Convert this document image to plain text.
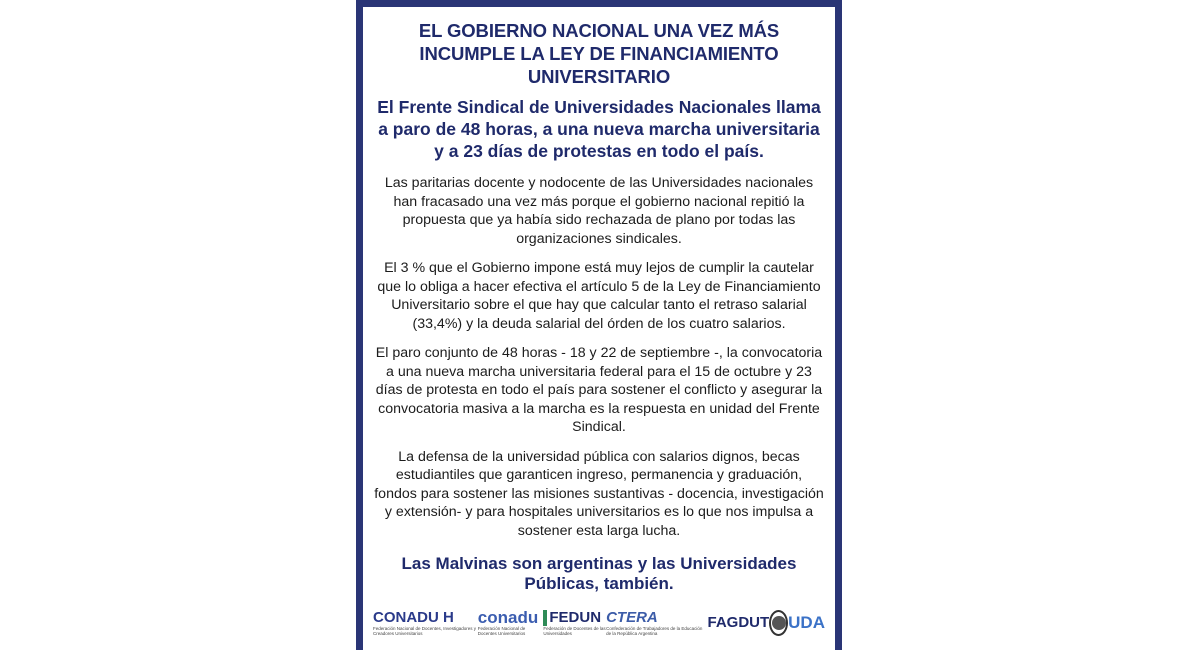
EL GOBIERNO NACIONAL UNA VEZ MÁS INCUMPLE LA LEY DE FINANCIAMIENTO UNIVERSITARIO
El Frente Sindical de Universidades Nacionales llama a paro de 48 horas, a una nueva marcha universitaria y a 23 días de protestas en todo el país.
Las paritarias docente y nodocente de las Universidades nacionales han fracasado una vez más porque el gobierno nacional repitió la propuesta que ya había sido rechazada de plano por todas las organizaciones sindicales.
El 3 % que el Gobierno impone está muy lejos de cumplir la cautelar que lo obliga a hacer efectiva el artículo 5 de la Ley de Financiamiento Universitario sobre el que hay que calcular tanto el retraso salarial (33,4%) y la deuda salarial del órden de los cuatro salarios.
El paro conjunto de 48 horas - 18 y 22 de septiembre -, la convocatoria a una nueva marcha universitaria federal para el 15 de octubre y 23 días de protesta en todo el país para sostener el conflicto y asegurar la convocatoria masiva a la marcha es la respuesta en unidad del Frente Sindical.
La defensa de la universidad pública con salarios dignos, becas estudiantiles que garanticen ingreso, permanencia y graduación, fondos para sostener las misiones sustantivas - docencia, investigación y extensión- y para hospitales universitarios es lo que nos impulsa a sostener esta larga lucha.
Las Malvinas son argentinas y las Universidades Públicas, también.
CONADU H
Federación Nacional de Docentes, Investigadores y Creadores Universitarios
conadu
Federación Nacional de Docentes Universitarios
FEDUN
Federación de Docentes de las Universidades
CTERA
Confederación de Trabajadores de la Educación de la República Argentina
FAGDUT UDA
